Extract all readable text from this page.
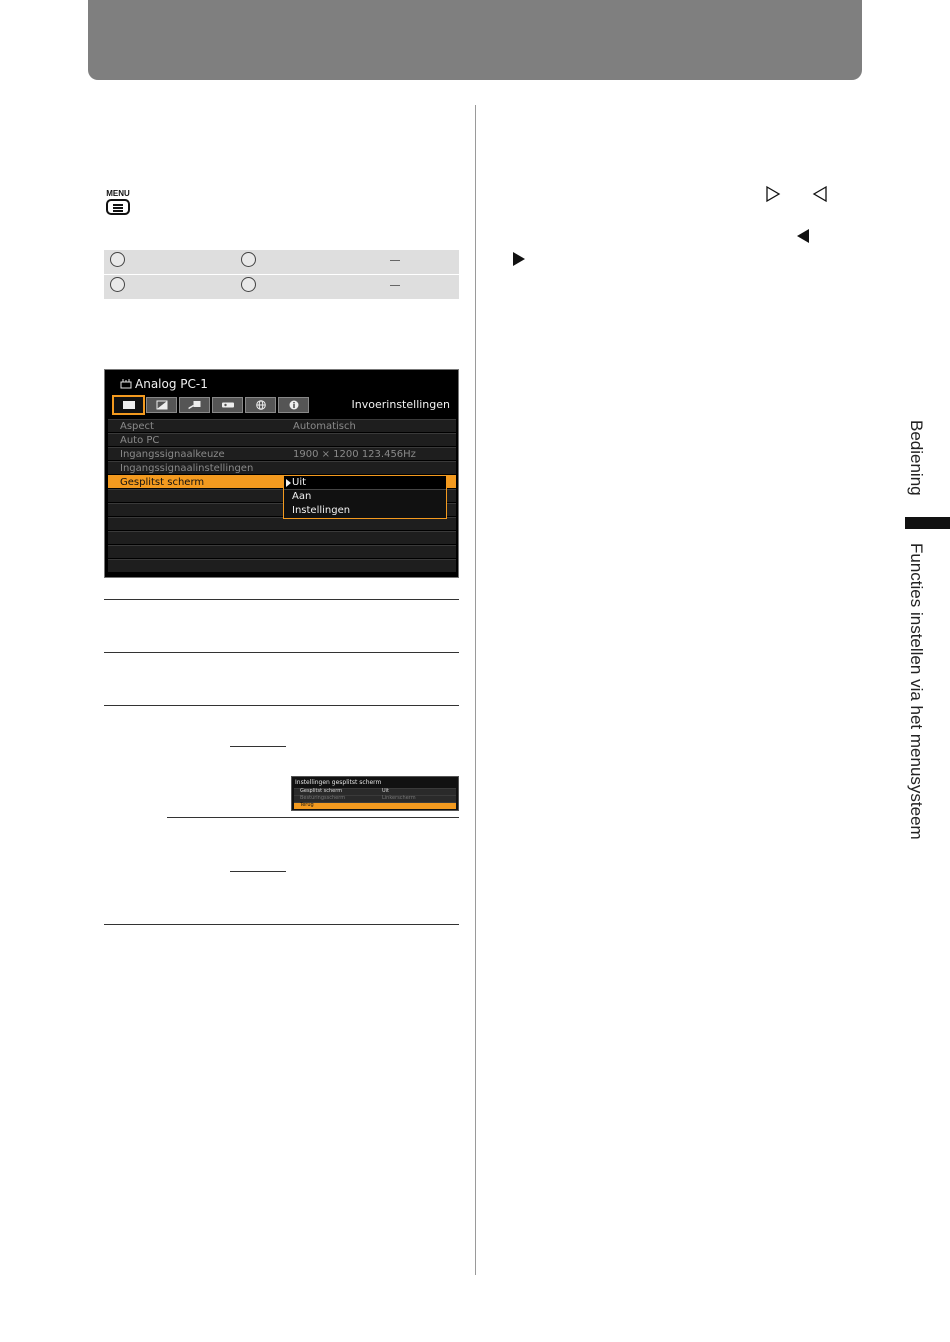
MENU
Analog PC-1
Invoerinstellingen
Aspect	Automatisch
Auto PC
Ingangssignaalkeuze	1900 × 1200 123.456Hz
Ingangssignaalinstellingen
Gesplitst scherm	Uit
Aan
Instellingen
Instellingen gesplitst scherm
Gesplitst scherm	Uit
Besturingsscherm	Linkerscherm
Terug
Bediening
Functies instellen via het menusysteem
